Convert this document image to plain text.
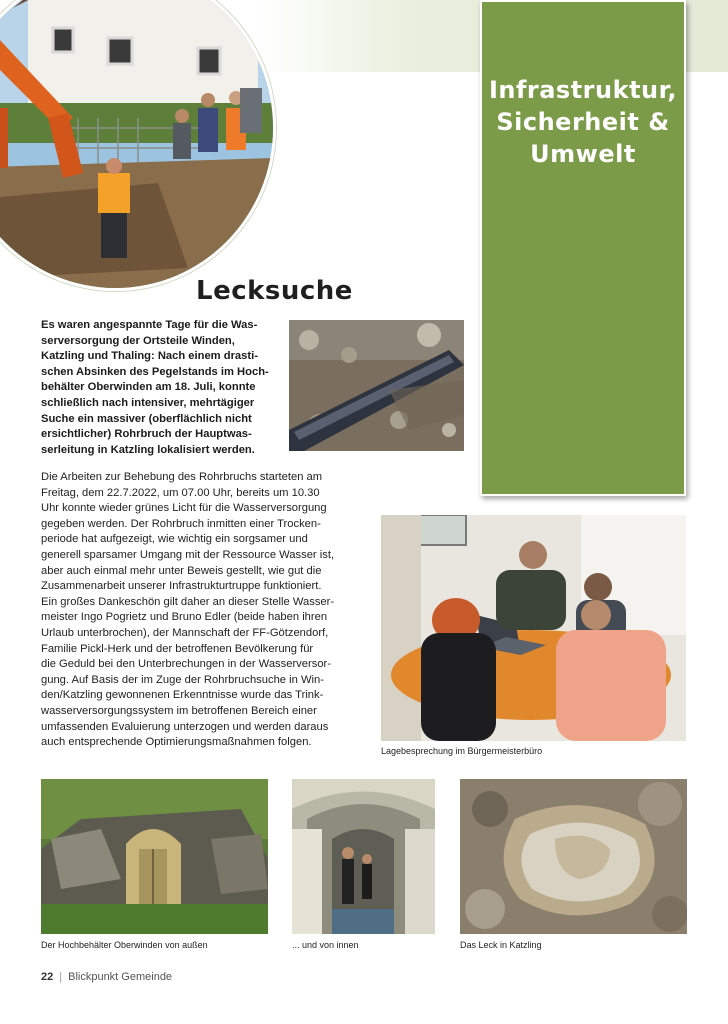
Infrastruktur,
Sicherheit &
Umwelt
Lecksuche
Es waren angespannte Tage für die Was-
serversorgung der Ortsteile Winden,
Katzling und Thaling: Nach einem drasti-
schen Absinken des Pegelstands im Hoch-
behälter Oberwinden am 18. Juli, konnte
schließlich nach intensiver, mehrtägiger
Suche ein massiver (oberflächlich nicht
ersichtlicher) Rohrbruch der Hauptwas-
serleitung in Katzling lokalisiert werden.
Die Arbeiten zur Behebung des Rohrbruchs starteten am
Freitag, dem 22.7.2022, um 07.00 Uhr, bereits um 10.30
Uhr konnte wieder grünes Licht für die Wasserversorgung
gegeben werden. Der Rohrbruch inmitten einer Trocken-
periode hat aufgezeigt, wie wichtig ein sorgsamer und
generell sparsamer Umgang mit der Ressource Wasser ist,
aber auch einmal mehr unter Beweis gestellt, wie gut die
Zusammenarbeit unserer Infrastrukturtruppe funktioniert.
Ein großes Dankeschön gilt daher an dieser Stelle Wasser-
meister Ingo Pogrietz und Bruno Edler (beide haben ihren
Urlaub unterbrochen), der Mannschaft der FF-Götzendorf,
Familie Pickl-Herk und der betroffenen Bevölkerung für
die Geduld bei den Unterbrechungen in der Wasserversor-
gung. Auf Basis der im Zuge der Rohrbruchsuche in Win-
den/Katzling gewonnenen Erkenntnisse wurde das Trink-
wasserversorgungssystem im betroffenen Bereich einer
umfassenden Evaluierung unterzogen und werden daraus
auch entsprechende Optimierungsmaßnahmen folgen.
Lagebesprechung im Bürgermeisterbüro
Der Hochbehälter Oberwinden von außen	... und von innen	Das Leck in Katzling
22 | Blickpunkt Gemeinde
